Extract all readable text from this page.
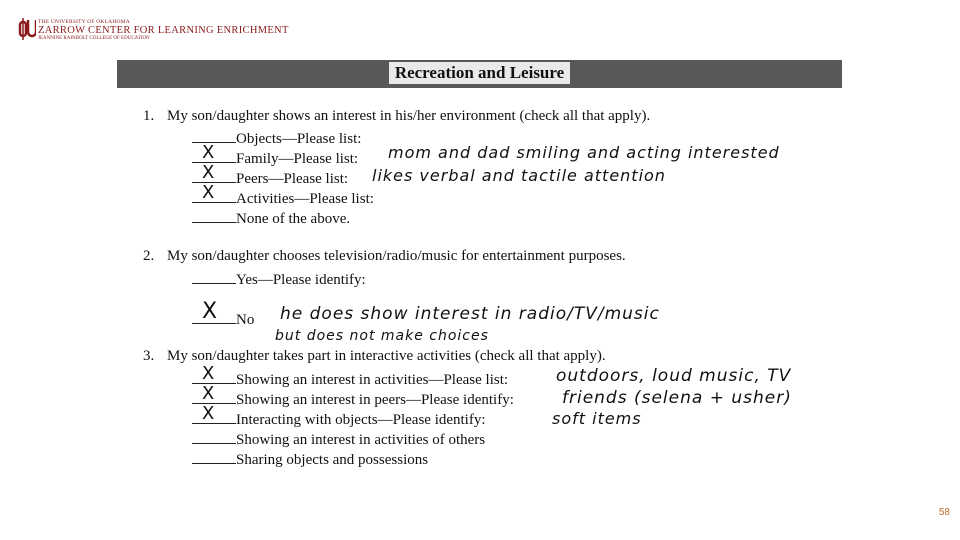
THE UNIVERSITY OF OKLAHOMA
ZARROW CENTER FOR LEARNING ENRICHMENT
JEANNINE RAINBOLT COLLEGE OF EDUCATION
Recreation and Leisure
1. My son/daughter shows an interest in his/her environment (check all that apply).
Objects—Please list:
X Family—Please list: mom and dad smiling and acting interested
X Peers—Please list: likes verbal and tactile attention
X Activities—Please list:
None of the above.
2. My son/daughter chooses television/radio/music for entertainment purposes.
Yes—Please identify:
X No he does show interest in radio/TV/music
but does not make choices
3. My son/daughter takes part in interactive activities (check all that apply).
X Showing an interest in activities—Please list:	outdoors, loud music, TV
X Showing an interest in peers—Please identify:	friends (selena + usher)
X Interacting with objects—Please identify:	soft items
Showing an interest in activities of others
Sharing objects and possessions
58
